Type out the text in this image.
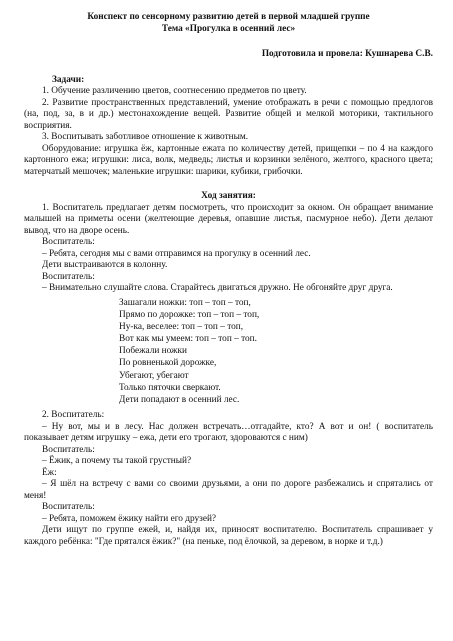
Конспект по сенсорному развитию детей в первой младшей группе

Тема «Прогулка в осенний лес»

Подготовила и провела: Кушнарева С.В.

Задачи:

1. Обучение различению цветов, соотнесению предметов по цвету.

2. Развитие пространственных представлений, умение отображать в речи с помощью предлогов (на, под, за, в и др.) местонахождение вещей. Развитие общей и мелкой моторики, тактильного восприятия.

3. Воспитывать заботливое отношение к животным.

Оборудование: игрушка ёж, картонные ежата по количеству детей, прищепки – по 4 на каждого картонного ежа; игрушки: лиса, волк, медведь; листья и корзинки зелёного, желтого, красного цвета; матерчатый мешочек; маленькие игрушки: шарики, кубики, грибочки.

Ход занятия:

1. Воспитатель предлагает детям посмотреть, что происходит за окном. Он обращает внимание малышей на приметы осени (желтеющие деревья, опавшие листья, пасмурное небо). Дети делают вывод, что на дворе осень.

Воспитатель:

– Ребята, сегодня мы с вами отправимся на прогулку в осенний лес.

Дети выстраиваются в колонну.

Воспитатель:

– Внимательно слушайте слова. Старайтесь двигаться дружно. Не обгоняйте друг друга.

Зашагали ножки: топ – топ – топ,
Прямо по дорожке: топ – топ – топ,
Ну-ка, веселее: топ – топ – топ,
Вот как мы умеем: топ – топ – топ.
Побежали ножки
По ровненькой дорожке,
Убегают, убегают
Только пяточки сверкают.
Дети попадают в осенний лес.

2. Воспитатель:

– Ну вот, мы и в лесу. Нас должен встречать…отгадайте, кто? А вот и он! ( воспитатель показывает детям игрушку – ежа, дети его трогают, здороваются с ним)

Воспитатель:

– Ёжик, а почему ты такой грустный?

Ёж:

– Я шёл на встречу с вами со своими друзьями, а они по дороге разбежались и спрятались от меня!

Воспитатель:

– Ребята, поможем ёжику найти его друзей?

Дети ищут по группе ежей, и, найдя их, приносят воспитателю. Воспитатель спрашивает у каждого ребёнка: "Где прятался ёжик?" (на пеньке, под ёлочкой, за деревом, в норке и т.д.)
